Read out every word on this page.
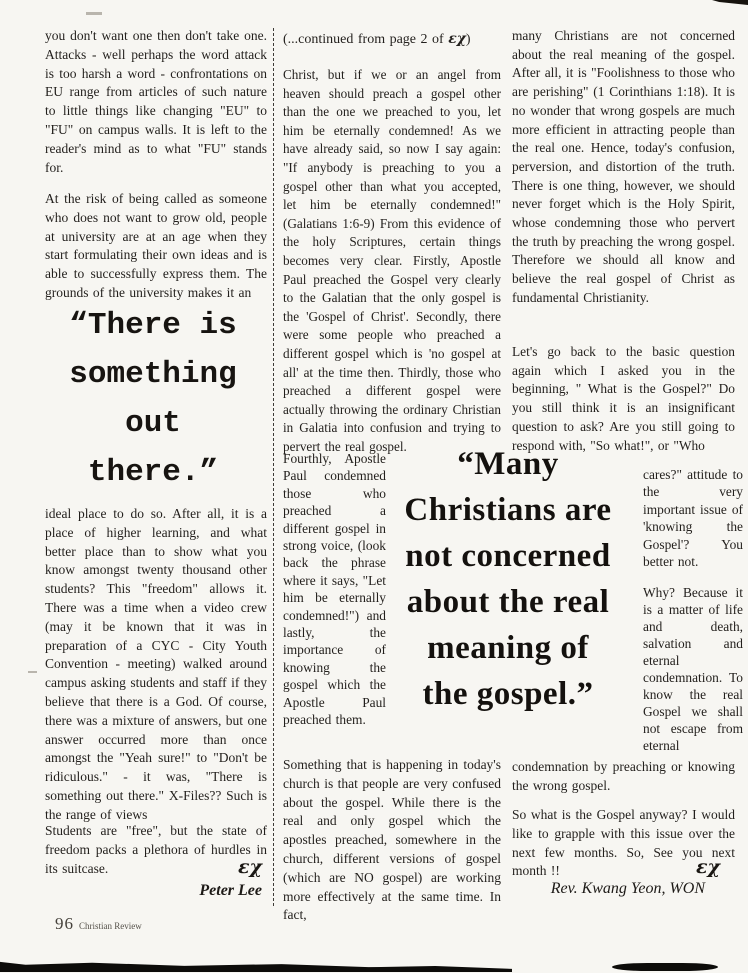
you don't want one then don't take one. Attacks - well perhaps the word attack is too harsh a word - confrontations on EU range from articles of such nature to little things like changing "EU" to "FU" on campus walls. It is left to the reader's mind as to what "FU" stands for.
At the risk of being called as someone who does not want to grow old, people at university are at an age when they start formulating their own ideas and is able to successfully express them. The grounds of the university makes it an
“There is
something
out
there.”
ideal place to do so. After all, it is a place of higher learning, and what better place than to show what you know amongst twenty thousand other students? This "freedom" allows it. There was a time when a video crew (may it be known that it was in preparation of a CYC - City Youth Convention - meeting) walked around campus asking students and staff if they believe that there is a God. Of course, there was a mixture of answers, but one answer occurred more than once amongst the "Yeah sure!" to "Don't be ridiculous." - it was, "There is something out there." X-Files?? Such is the range of views
Students are "free", but the state of freedom packs a plethora of hurdles in its suitcase.	εχ
Peter Lee
(...continued from page 2 of εχ)
Christ, but if we or an angel from heaven should preach a gospel other than the one we preached to you, let him be eternally condemned! As we have already said, so now I say again: "If anybody is preaching to you a gospel other than what you accepted, let him be eternally condemned!" (Galatians 1:6-9) From this evidence of the holy Scriptures, certain things becomes very clear. Firstly, Apostle Paul preached the Gospel very clearly to the Galatian that the only gospel is the 'Gospel of Christ'. Secondly, there were some people who preached a different gospel which is 'no gospel at all' at the time then. Thirdly, those who preached a different gospel were actually throwing the ordinary Christian in Galatia into confusion and trying to pervert the real gospel.
Fourthly, Apostle Paul condemned those who preached a different gospel in strong voice, (look back the phrase where it says, "Let him be eternally condemned!") and lastly, the importance of knowing the gospel which the Apostle Paul preached them.
Something that is happening in today's church is that people are very confused about the gospel. While there is the real and only gospel which the apostles preached, somewhere in the church, different versions of gospel (which are NO gospel) are working more effectively at the same time. In fact,
“Many
Christians are
not concerned
about the real
meaning of
the gospel.”
many Christians are not concerned about the real meaning of the gospel. After all, it is "Foolishness to those who are perishing" (1 Corinthians 1:18). It is no wonder that wrong gospels are much more efficient in attracting people than the real one. Hence, today's confusion, perversion, and distortion of the truth. There is one thing, however, we should never forget which is the Holy Spirit, whose condemning those who pervert the truth by preaching the wrong gospel. Therefore we should all know and believe the real gospel of Christ as fundamental Christianity.
Let's go back to the basic question again which I asked you in the beginning, " What is the Gospel?" Do you still think it is an insignificant question to ask? Are you still going to respond with, "So what!", or "Who
cares?" attitude to the very important issue of 'knowing the Gospel'? You better not.
Why? Because it is a matter of life and death, salvation and eternal condemnation. To know the real Gospel we shall not escape from eternal
condemnation by preaching or knowing the wrong gospel.
So what is the Gospel anyway? I would like to grapple with this issue over the next few months. So, See you next month !!	εχ
Rev. Kwang Yeon, WON
96 Christian Review
